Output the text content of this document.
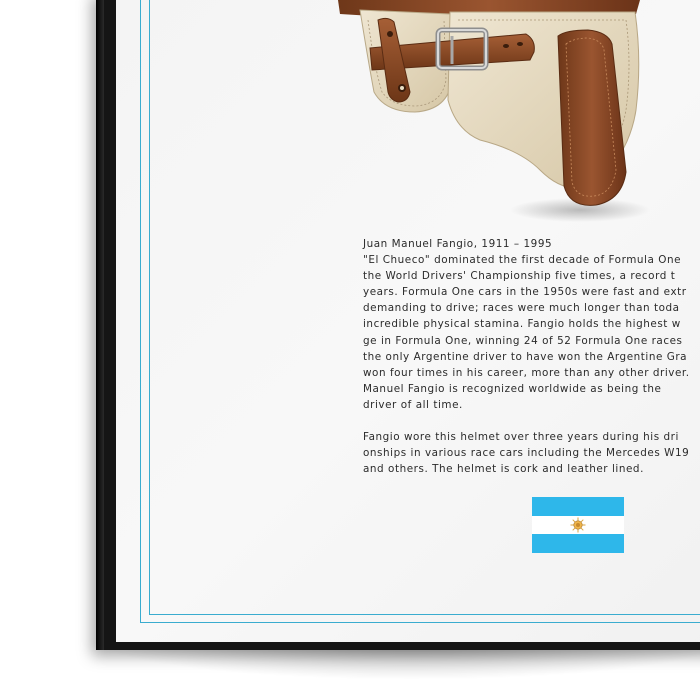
Juan Manuel Fangio, 1911 – 1995
"El Chueco" dominated the first decade of Formula One
the World Drivers' Championship five times, a record t
years. Formula One cars in the 1950s were fast and extr
demanding to drive; races were much longer than toda
incredible physical stamina. Fangio holds the highest w
ge in Formula One, winning 24 of 52 Formula One races
the only Argentine driver to have won the Argentine Gra
won four times in his career, more than any other driver.
Manuel Fangio is recognized worldwide as being the
driver of all time.
Fangio wore this helmet over three years during his dri
onships in various race cars including the Mercedes W19
and others. The helmet is cork and leather lined.
